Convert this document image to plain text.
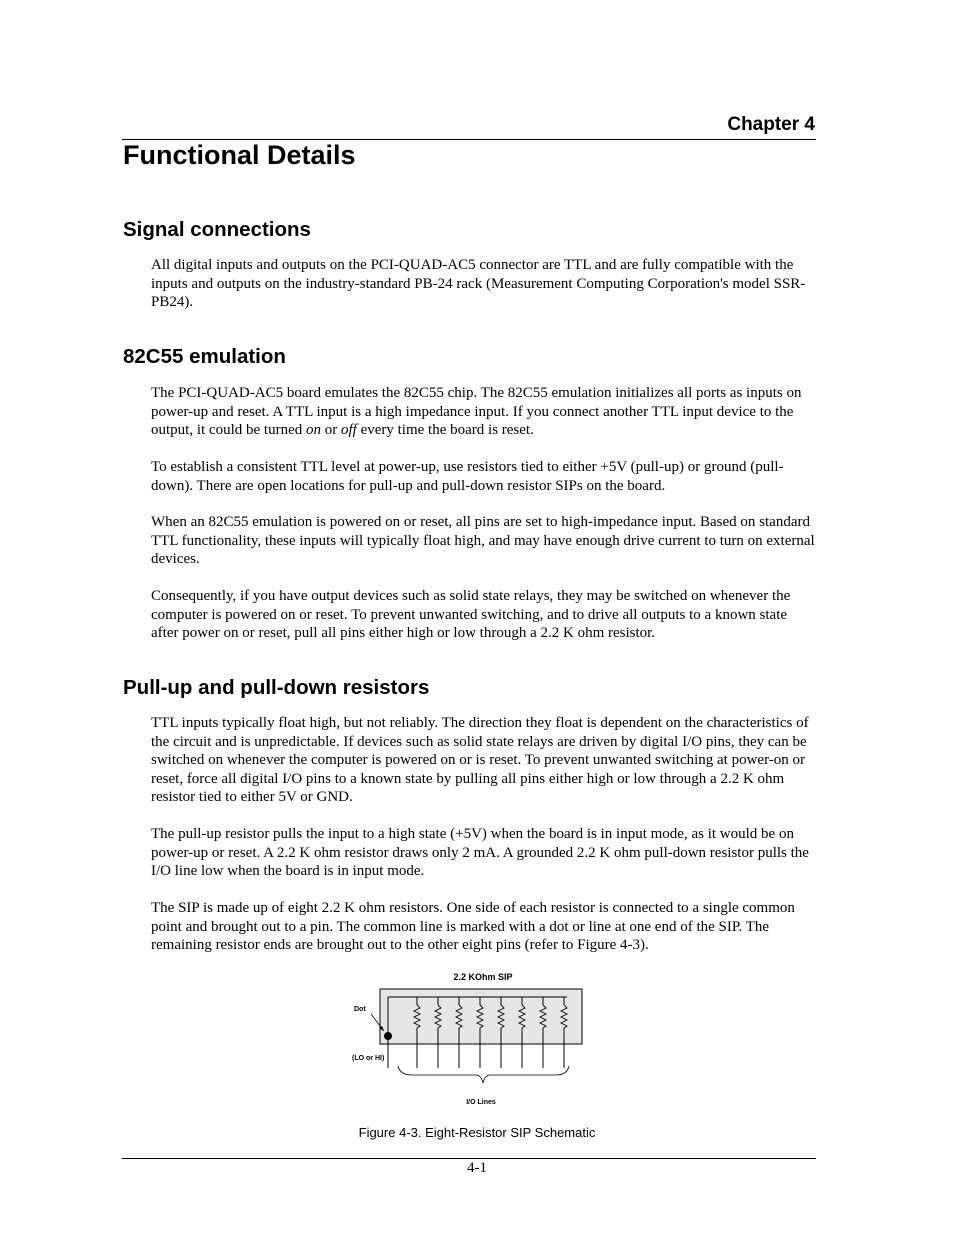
Chapter 4
Functional Details
Signal connections

All digital inputs and outputs on the PCI-QUAD-AC5 connector are TTL and are fully compatible with the inputs and outputs on the industry-standard PB-24 rack (Measurement Computing Corporation's model SSR-PB24).

82C55 emulation

The PCI-QUAD-AC5 board emulates the 82C55 chip. The 82C55 emulation initializes all ports as inputs on power-up and reset. A TTL input is a high impedance input. If you connect another TTL input device to the output, it could be turned on or off every time the board is reset.

To establish a consistent TTL level at power-up, use resistors tied to either +5V (pull-up) or ground (pull-down). There are open locations for pull-up and pull-down resistor SIPs on the board.

When an 82C55 emulation is powered on or reset, all pins are set to high-impedance input. Based on standard TTL functionality, these inputs will typically float high, and may have enough drive current to turn on external devices.

Consequently, if you have output devices such as solid state relays, they may be switched on whenever the computer is powered on or reset. To prevent unwanted switching, and to drive all outputs to a known state after power on or reset, pull all pins either high or low through a 2.2 K ohm resistor.

Pull-up and pull-down resistors

TTL inputs typically float high, but not reliably. The direction they float is dependent on the characteristics of the circuit and is unpredictable. If devices such as solid state relays are driven by digital I/O pins, they can be switched on whenever the computer is powered on or is reset. To prevent unwanted switching at power-on or reset, force all digital I/O pins to a known state by pulling all pins either high or low through a 2.2 K ohm resistor tied to either 5V or GND.

The pull-up resistor pulls the input to a high state (+5V) when the board is in input mode, as it would be on power-up or reset. A 2.2 K ohm resistor draws only 2 mA. A grounded 2.2 K ohm pull-down resistor pulls the I/O line low when the board is in input mode.

The SIP is made up of eight 2.2 K ohm resistors. One side of each resistor is connected to a single common point and brought out to a pin. The common line is marked with a dot or line at one end of the SIP. The remaining resistor ends are brought out to the other eight pins (refer to Figure 4-3).

2.2 KOhm SIP
Dot
(LO or HI)
I/O Lines
Figure 4-3. Eight-Resistor SIP Schematic
4-1
